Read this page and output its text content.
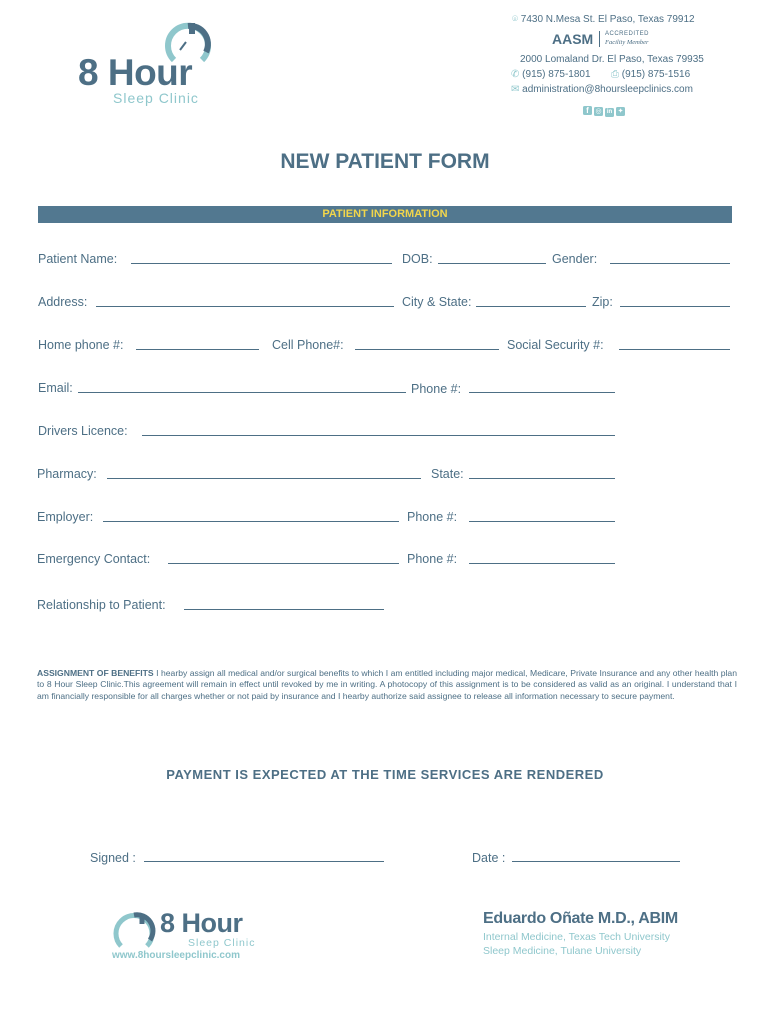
8 Hour
Sleep Clinic
⌾ 7430 N.Mesa St. El Paso, Texas 79912
AASM ACCREDITED
Facility Member
2000 Lomaland Dr. El Paso, Texas 79935
✆ (915) 875-1801 ⎙ (915) 875-1516
✉ administration@8hoursleepclinics.com
f ◎ in ✦
NEW PATIENT FORM
PATIENT INFORMATION
Patient Name:	DOB:	Gender:
Address:	City & State:	Zip:
Home phone #:	Cell Phone#:	Social Security #:
Email:	Phone #:
Drivers Licence:
Pharmacy:	State:
Employer:	Phone #:
Emergency Contact:	Phone #:
Relationship to Patient:
ASSIGNMENT OF BENEFITS I hearby assign all medical and/or surgical benefits to which I am entitled including major medical, Medicare, Private Insurance and any other health plan to 8 Hour Sleep Clinic.This agreement will remain in effect until revoked by me in writing. A photocopy of this assignment is to be considered as valid as an original. I understand that I am financially responsible for all charges whether or not paid by insurance and I hearby authorize said assignee to release all information necessary to secure payment.
PAYMENT IS EXPECTED AT THE TIME SERVICES ARE RENDERED
Signed :	Date :
8 Hour
Sleep Clinic
www.8hoursleepclinic.com
Eduardo Oñate M.D., ABIM
Internal Medicine, Texas Tech University
Sleep Medicine, Tulane University
